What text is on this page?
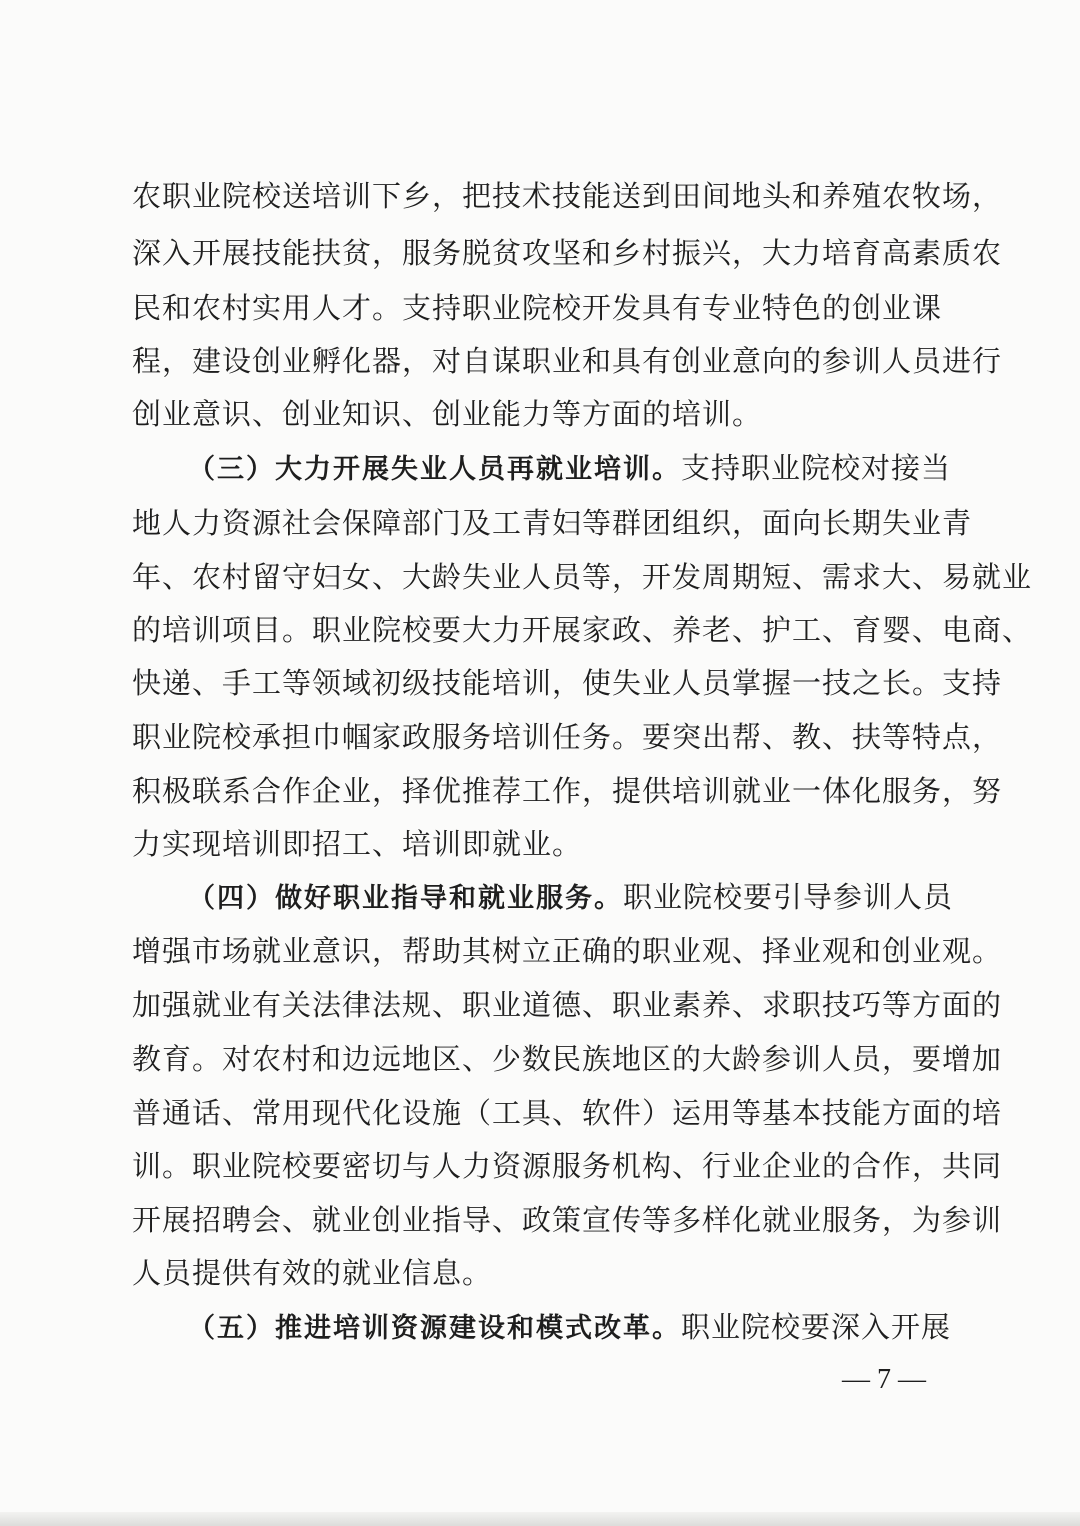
农职业院校送培训下乡，把技术技能送到田间地头和养殖农牧场，
深入开展技能扶贫，服务脱贫攻坚和乡村振兴，大力培育高素质农
民和农村实用人才。支持职业院校开发具有专业特色的创业课
程，建设创业孵化器，对自谋职业和具有创业意向的参训人员进行
创业意识、创业知识、创业能力等方面的培训。
（三）大力开展失业人员再就业培训。支持职业院校对接当
地人力资源社会保障部门及工青妇等群团组织，面向长期失业青
年、农村留守妇女、大龄失业人员等，开发周期短、需求大、易就业
的培训项目。职业院校要大力开展家政、养老、护工、育婴、电商、
快递、手工等领域初级技能培训，使失业人员掌握一技之长。支持
职业院校承担巾帼家政服务培训任务。要突出帮、教、扶等特点，
积极联系合作企业，择优推荐工作，提供培训就业一体化服务，努
力实现培训即招工、培训即就业。
（四）做好职业指导和就业服务。职业院校要引导参训人员
增强市场就业意识，帮助其树立正确的职业观、择业观和创业观。
加强就业有关法律法规、职业道德、职业素养、求职技巧等方面的
教育。对农村和边远地区、少数民族地区的大龄参训人员，要增加
普通话、常用现代化设施（工具、软件）运用等基本技能方面的培
训。职业院校要密切与人力资源服务机构、行业企业的合作，共同
开展招聘会、就业创业指导、政策宣传等多样化就业服务，为参训
人员提供有效的就业信息。
（五）推进培训资源建设和模式改革。职业院校要深入开展
— 7 —
